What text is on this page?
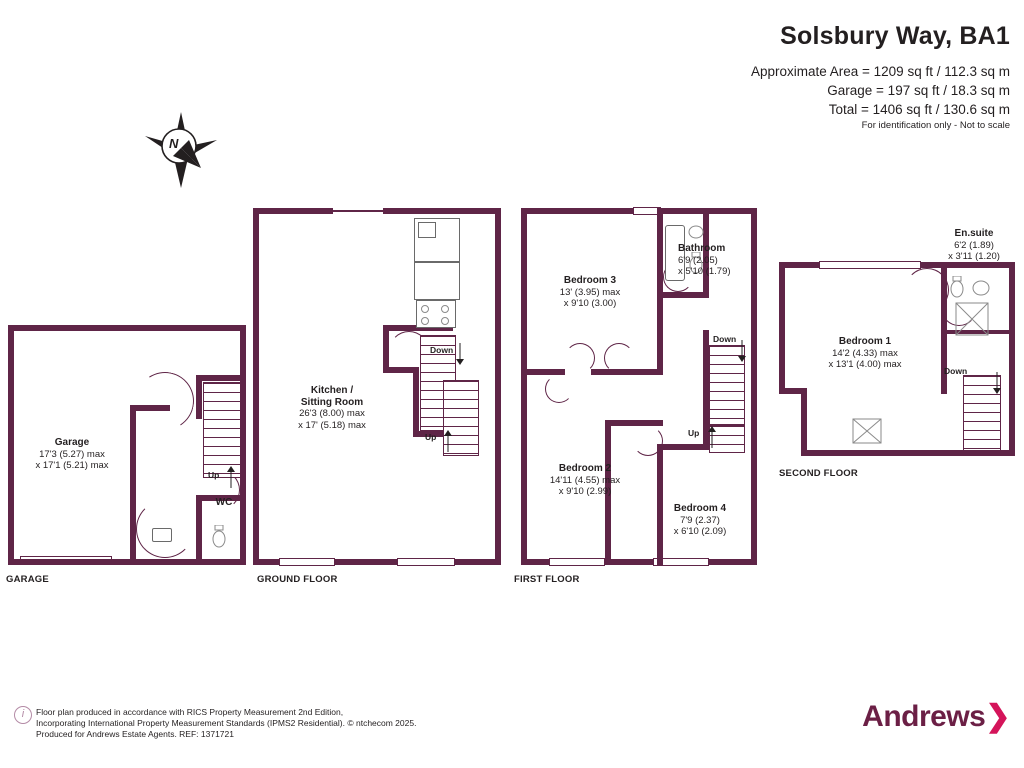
Solsbury Way, BA1
Approximate Area = 1209 sq ft / 112.3 sq m
Garage = 197 sq ft / 18.3 sq m
Total = 1406 sq ft / 130.6 sq m
For identification only - Not to scale
N
Up
WC
Garage
17'3 (5.27) max
x 17'1 (5.21) max
GARAGE
Down
Up
Kitchen /
Sitting Room
26'3 (8.00) max
x 17' (5.18) max
GROUND FLOOR
Down
Up
Bedroom 3
13' (3.95) max
x 9'10 (3.00)
Bathroom
6'9 (2.05)
x 5'10 (1.79)
Bedroom 2
14'11 (4.55) max
x 9'10 (2.99)
Bedroom 4
7'9 (2.37)
x 6'10 (2.09)
FIRST FLOOR
Down
En.suite
6'2 (1.89)
x 3'11 (1.20)
Bedroom 1
14'2 (4.33) max
x 13'1 (4.00) max
SECOND FLOOR
i	Floor plan produced in accordance with RICS Property Measurement 2nd Edition,
Incorporating International Property Measurement Standards (IPMS2 Residential). © ntchecom 2025.
Produced for Andrews Estate Agents. REF: 1371721
Andrews❯
